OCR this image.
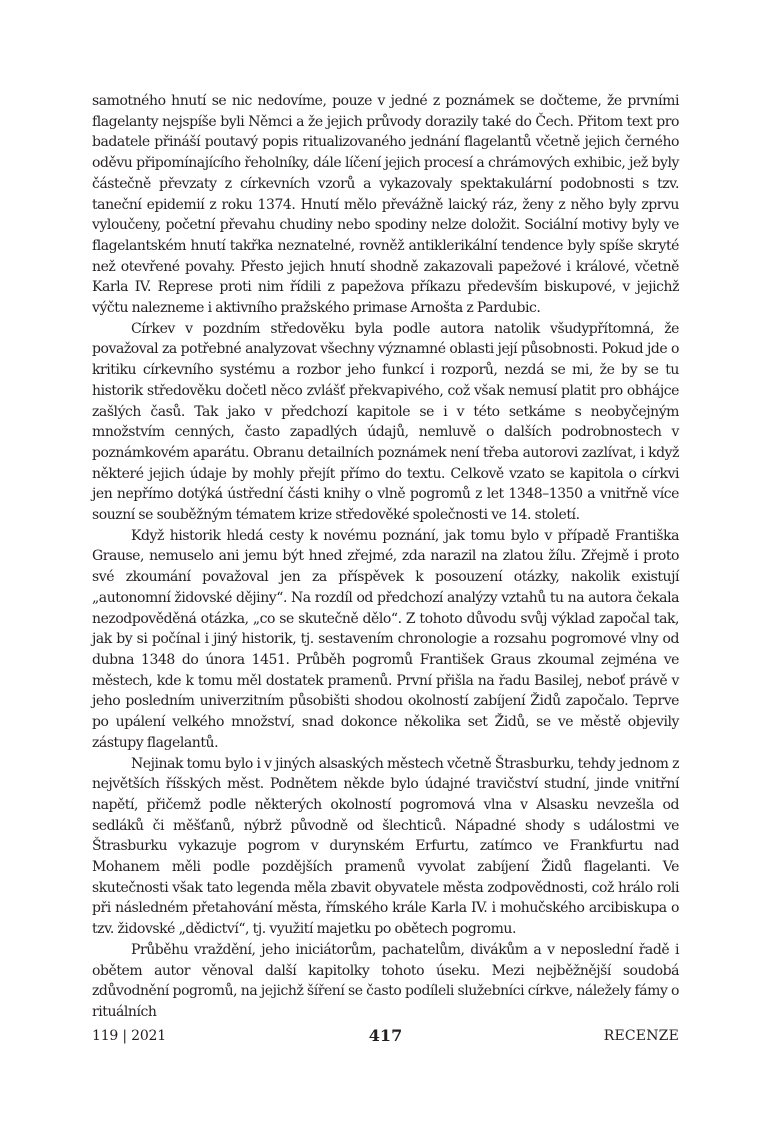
samotného hnutí se nic nedovíme, pouze v jedné z poznámek se dočteme, že prvními flagelanty nejspíše byli Němci a že jejich průvody dorazily také do Čech. Přitom text pro badatele přináší poutavý popis ritualizovaného jednání flagelantů včetně jejich černého oděvu připomínajícího řeholníky, dále líčení jejich procesí a chrámových exhibic, jež byly částečně převzaty z církevních vzorů a vykazovaly spektakulární podobnosti s tzv. taneční epidemií z roku 1374. Hnutí mělo převážně laický ráz, ženy z něho byly zprvu vyloučeny, početní převahu chudiny nebo spodiny nelze doložit. Sociální motivy byly ve flagelantském hnutí takřka neznatelné, rovněž antiklerikální tendence byly spíše skryté než otevřené povahy. Přesto jejich hnutí shodně zakazovali papežové i králové, včetně Karla IV. Represe proti nim řídili z papežova příkazu především biskupové, v jejichž výčtu nalezneme i aktivního pražského primase Arnošta z Pardubic.

Církev v pozdním středověku byla podle autora natolik všudypřítomná, že považoval za potřebné analyzovat všechny významné oblasti její působnosti. Pokud jde o kritiku církevního systému a rozbor jeho funkcí i rozporů, nezdá se mi, že by se tu historik středověku dočetl něco zvlášť překvapivého, což však nemusí platit pro obhájce zašlých časů. Tak jako v předchozí kapitole se i v této setkáme s neobyčejným množstvím cenných, často zapadlých údajů, nemluvě o dalších podrobnostech v poznámkovém aparátu. Obranu detailních poznámek není třeba autorovi zazlívat, i když některé jejich údaje by mohly přejít přímo do textu. Celkově vzato se kapitola o církvi jen nepřímo dotýká ústřední části knihy o vlně pogromů z let 1348–1350 a vnitřně více souzní se souběžným tématem krize středověké společnosti ve 14. století.

Když historik hledá cesty k novému poznání, jak tomu bylo v případě Františka Grause, nemuselo ani jemu být hned zřejmé, zda narazil na zlatou žílu. Zřejmě i proto své zkoumání považoval jen za příspěvek k posouzení otázky, nakolik existují „autonomní židovské dějiny“. Na rozdíl od předchozí analýzy vztahů tu na autora čekala nezodpověděná otázka, „co se skutečně dělo“. Z tohoto důvodu svůj výklad započal tak, jak by si počínal i jiný historik, tj. sestavením chronologie a rozsahu pogromové vlny od dubna 1348 do února 1451. Průběh pogromů František Graus zkoumal zejména ve městech, kde k tomu měl dostatek pramenů. První přišla na řadu Basilej, neboť právě v jeho posledním univerzitním působišti shodou okolností zabíjení Židů započalo. Teprve po upálení velkého množství, snad dokonce několika set Židů, se ve městě objevily zástupy flagelantů.

Nejinak tomu bylo i v jiných alsaských městech včetně Štrasburku, tehdy jednom z největších říšských měst. Podnětem někde bylo údajné travičství studní, jinde vnitřní napětí, přičemž podle některých okolností pogromová vlna v Alsasku nevzešla od sedláků či měšťanů, nýbrž původně od šlechticů. Nápadné shody s událostmi ve Štrasburku vykazuje pogrom v durynském Erfurtu, zatímco ve Frankfurtu nad Mohanem měli podle pozdějších pramenů vyvolat zabíjení Židů flagelanti. Ve skutečnosti však tato legenda měla zbavit obyvatele města zodpovědnosti, což hrálo roli při následném přetahování města, římského krále Karla IV. i mohučského arcibiskupa o tzv. židovské „dědictví“, tj. využití majetku po obětech pogromu.

Průběhu vraždění, jeho iniciátorům, pachatelům, divákům a v neposlední řadě i obětem autor věnoval další kapitolky tohoto úseku. Mezi nejběžnější soudobá zdůvodnění pogromů, na jejichž šíření se často podíleli služebníci církve, náležely fámy o rituálních

119 | 2021	417	RECENZE
